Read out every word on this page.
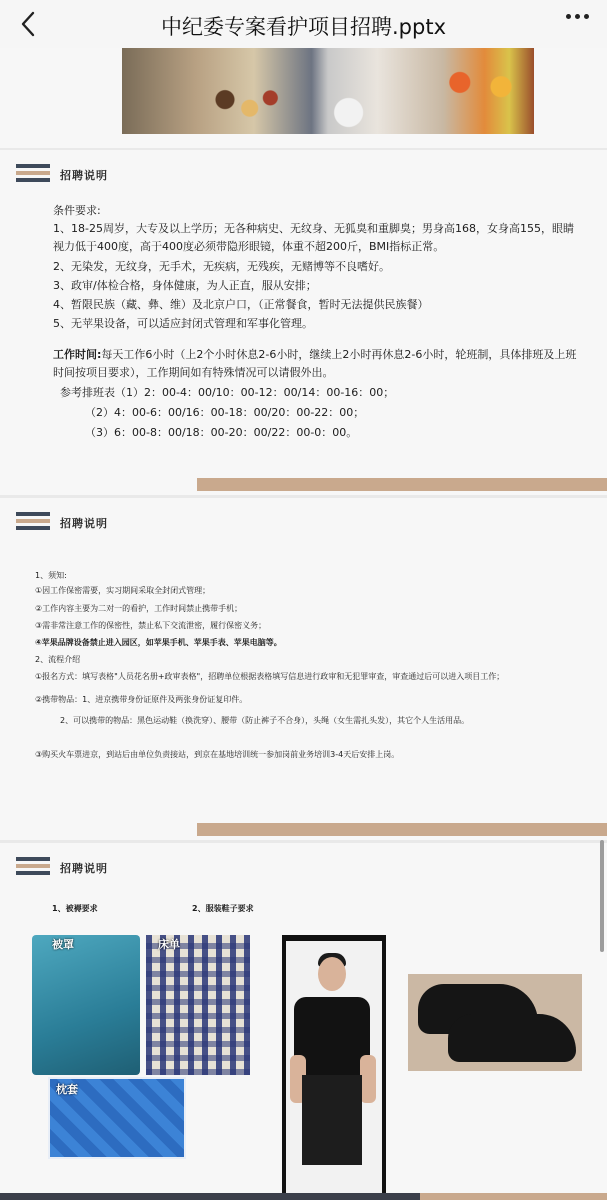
中纪委专案看护项目招聘.pptx
招聘说明
条件要求:
1、18-25周岁，大专及以上学历；无各种病史、无纹身、无狐臭和重脚臭；男身高168，女身高155，眼睛视力低于400度，高于400度必须带隐形眼镜，体重不超200斤，BMI指标正常。
2、无染发，无纹身，无手术，无疾病，无残疾，无赌博等不良嗜好。
3、政审/体检合格，身体健康，为人正直，服从安排；
4、暂限民族（藏、彝、维）及北京户口，（正常餐食，暂时无法提供民族餐）
5、无苹果设备，可以适应封闭式管理和军事化管理。
工作时间:每天工作6小时（上2个小时休息2-6小时，继续上2小时再休息2-6小时，轮班制，具体排班及上班时间按项目要求），工作期间如有特殊情况可以请假外出。
参考排班表（1）2：00-4：00/10：00-12：00/14：00-16：00；
（2）4：00-6：00/16：00-18：00/20：00-22：00；
（3）6：00-8：00/18：00-20：00/22：00-0：00。
招聘说明
1、须知:
①因工作保密需要，实习期间采取全封闭式管理；
②工作内容主要为二对一的看护，工作时间禁止携带手机；
③需非常注意工作的保密性，禁止私下交流泄密，履行保密义务；
④苹果品牌设备禁止进入园区，如苹果手机、苹果手表、苹果电脑等。
2、流程介绍
①报名方式：填写表格"人员花名册+政审表格"，招聘单位根据表格填写信息进行政审和无犯罪审查，审查通过后可以进入项目工作；
②携带物品：1、进京携带身份证原件及两张身份证复印件。
2、可以携带的物品：黑色运动鞋（换洗穿）、腰带（防止裤子不合身），头绳（女生需扎头发），其它个人生活用品。
③购买火车票进京，到站后由单位负责接站，到京在基地培训统一参加岗前业务培训3-4天后安排上岗。
招聘说明
1、被褥要求	2、服装鞋子要求
被罩	床单
枕套
